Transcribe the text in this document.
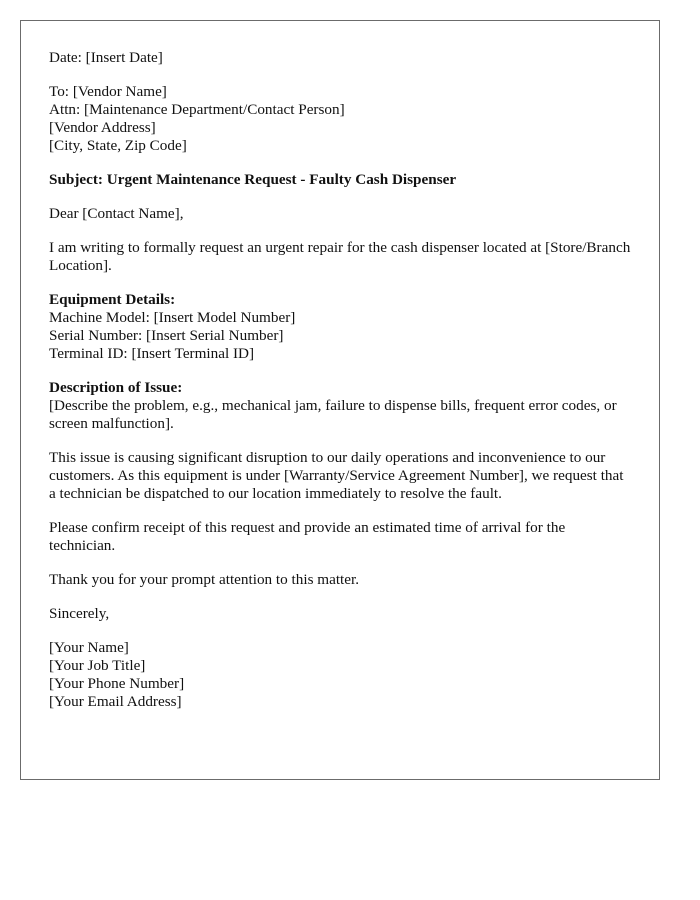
Date: [Insert Date]
To: [Vendor Name]
Attn: [Maintenance Department/Contact Person]
[Vendor Address]
[City, State, Zip Code]
Subject: Urgent Maintenance Request - Faulty Cash Dispenser
Dear [Contact Name],
I am writing to formally request an urgent repair for the cash dispenser located at [Store/Branch Location].
Equipment Details:
Machine Model: [Insert Model Number]
Serial Number: [Insert Serial Number]
Terminal ID: [Insert Terminal ID]
Description of Issue:
[Describe the problem, e.g., mechanical jam, failure to dispense bills, frequent error codes, or screen malfunction].
This issue is causing significant disruption to our daily operations and inconvenience to our customers. As this equipment is under [Warranty/Service Agreement Number], we request that a technician be dispatched to our location immediately to resolve the fault.
Please confirm receipt of this request and provide an estimated time of arrival for the technician.
Thank you for your prompt attention to this matter.
Sincerely,
[Your Name]
[Your Job Title]
[Your Phone Number]
[Your Email Address]
